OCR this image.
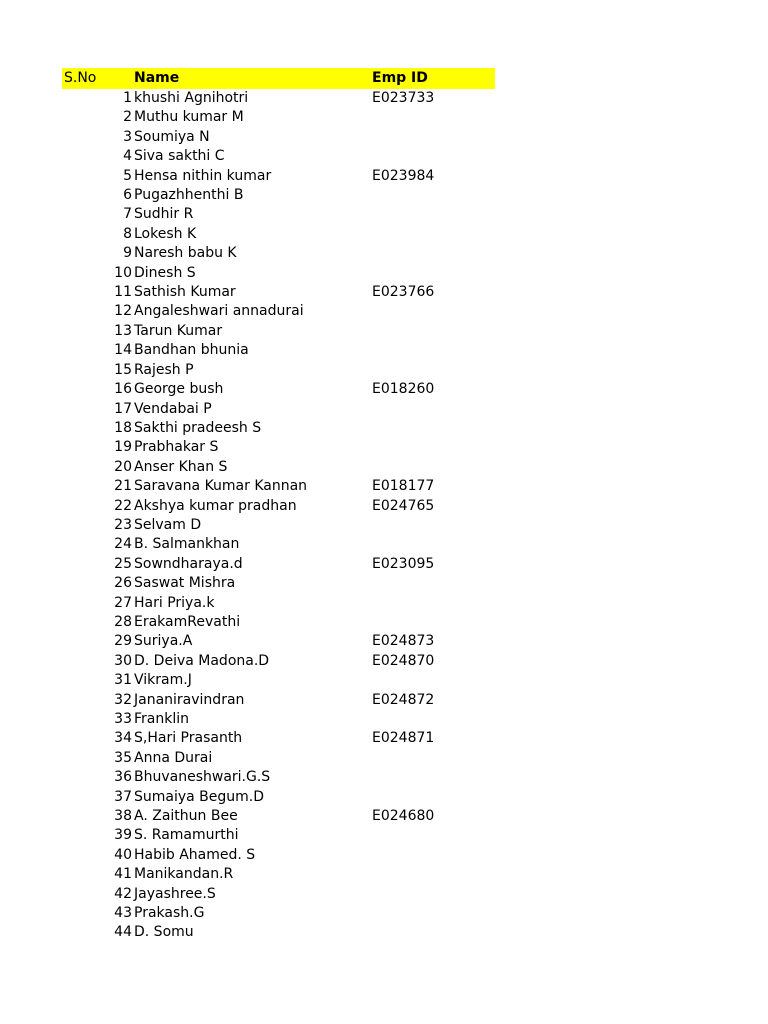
S.No	Name	Emp ID
1 khushi Agnihotri	E023733
2 Muthu kumar M
3 Soumiya N
4 Siva sakthi C
5 Hensa nithin kumar	E023984
6 Pugazhhenthi B
7 Sudhir R
8 Lokesh K
9 Naresh babu K
10 Dinesh S
11 Sathish Kumar	E023766
12 Angaleshwari annadurai
13 Tarun Kumar
14 Bandhan bhunia
15 Rajesh P
16 George bush	E018260
17 Vendabai P
18 Sakthi pradeesh S
19 Prabhakar S
20 Anser Khan S
21 Saravana Kumar Kannan	E018177
22 Akshya kumar pradhan	E024765
23 Selvam D
24 B. Salmankhan
25 Sowndharaya.d	E023095
26 Saswat Mishra
27 Hari Priya.k
28 ErakamRevathi
29 Suriya.A	E024873
30 D. Deiva Madona.D	E024870
31 Vikram.J
32 Jananiravindran	E024872
33 Franklin
34 S,Hari Prasanth	E024871
35 Anna Durai
36 Bhuvaneshwari.G.S
37 Sumaiya Begum.D
38 A. Zaithun Bee	E024680
39 S. Ramamurthi
40 Habib Ahamed. S
41 Manikandan.R
42 Jayashree.S
43 Prakash.G
44 D. Somu
